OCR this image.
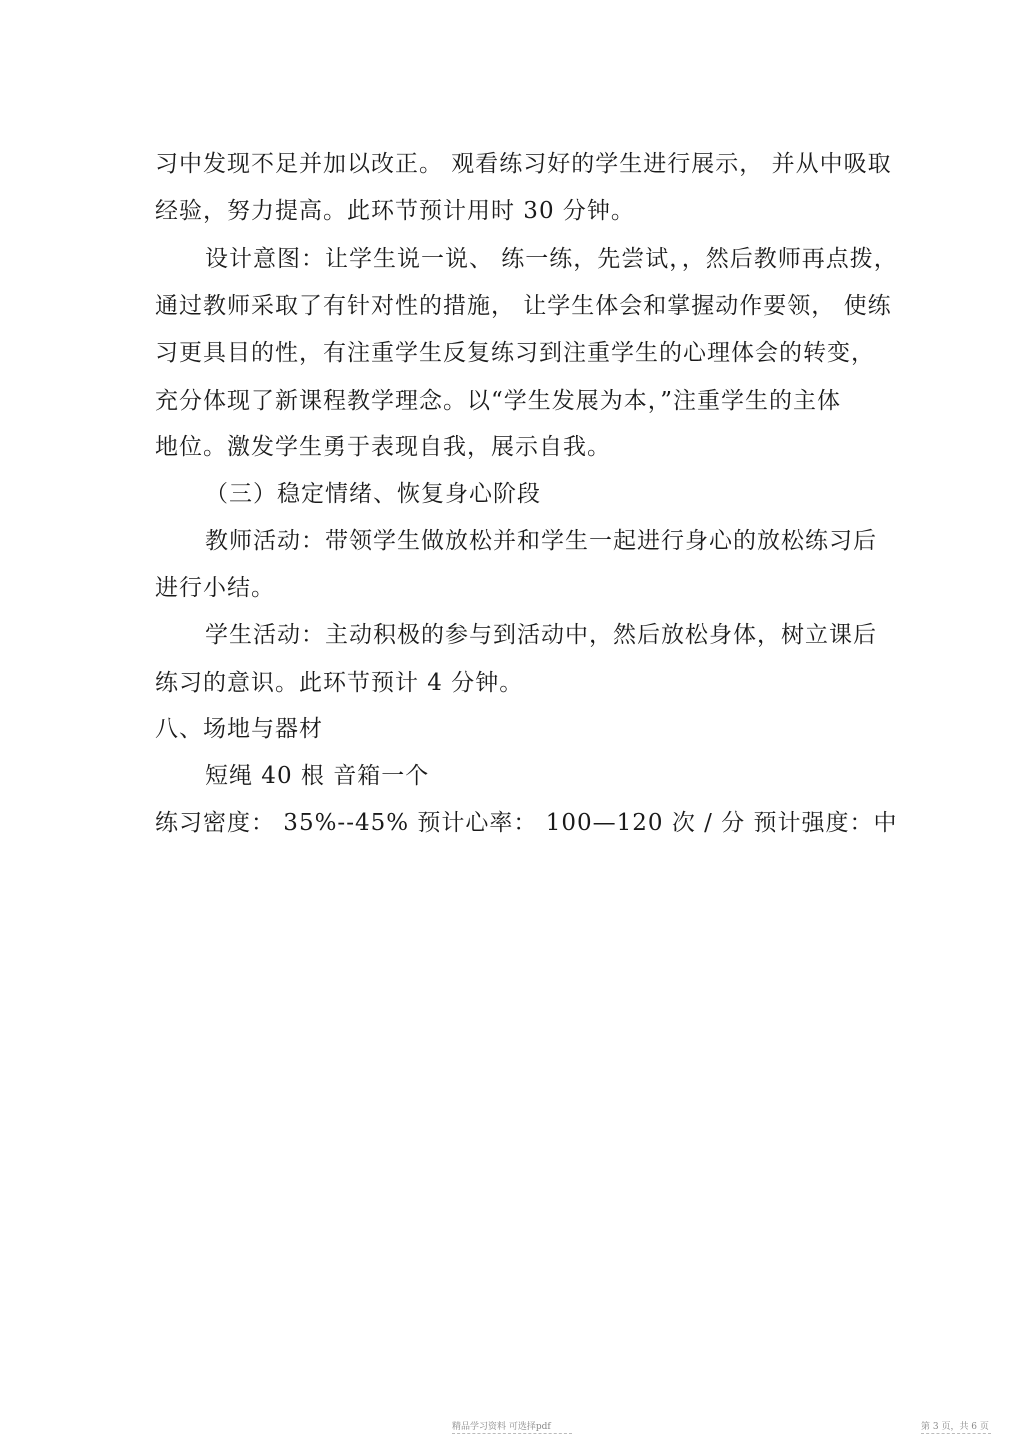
习中发现不足并加以改正。 观看练习好的学生进行展示， 并从中吸取

经验，努力提高。此环节预计用时 30 分钟。

设计意图：让学生说一说、 练一练，先尝试，，然后教师再点拨，

通过教师采取了有针对性的措施， 让学生体会和掌握动作要领， 使练

习更具目的性，有注重学生反复练习到注重学生的心理体会的转变，

充分体现了新课程教学理念。以“学生发展为本，”注重学生的主体

地位。激发学生勇于表现自我，展示自我。

（三）稳定情绪、恢复身心阶段

教师活动：带领学生做放松并和学生一起进行身心的放松练习后

进行小结。

学生活动：主动积极的参与到活动中，然后放松身体，树立课后

练习的意识。此环节预计 4 分钟。

八、场地与器材

短绳 40 根 音箱一个

练习密度： 35%--45% 预计心率： 100—120 次 / 分 预计强度：中

精品学习资料 可选择pdf	第 3 页，共 6 页
